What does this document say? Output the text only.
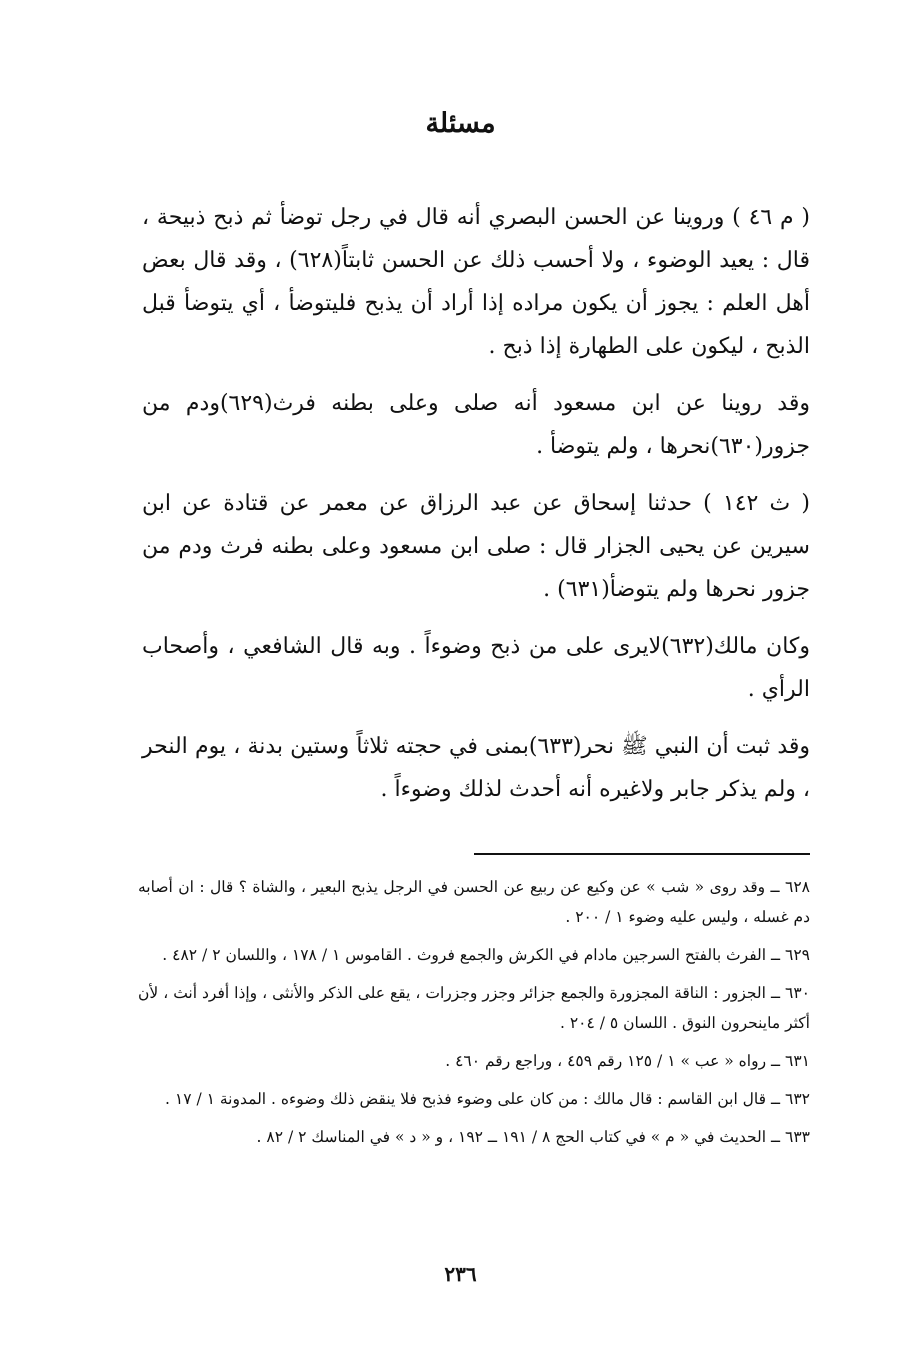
مسئلة

( م ٤٦ ) وروينا عن الحسن البصري أنه قال في رجل توضأ ثم ذبح ذبيحة ، قال : يعيد الوضوء ، ولا أحسب ذلك عن الحسن ثابتاً(٦٢٨) ، وقد قال بعض أهل العلم : يجوز أن يكون مراده إذا أراد أن يذبح فليتوضأ ، أي يتوضأ قبل الذبح ، ليكون على الطهارة إذا ذبح .

وقد روينا عن ابن مسعود أنه صلى وعلى بطنه فرث(٦٢٩)ودم من جزور(٦٣٠)نحرها ، ولم يتوضأ .

( ث ١٤٢ ) حدثنا إسحاق عن عبد الرزاق عن معمر عن قتادة عن ابن سيرين عن يحيى الجزار قال : صلى ابن مسعود وعلى بطنه فرث ودم من جزور نحرها ولم يتوضأ(٦٣١) .

وكان مالك(٦٣٢)لايرى على من ذبح وضوءاً . وبه قال الشافعي ، وأصحاب الرأي .

وقد ثبت أن النبي ﷺ نحر(٦٣٣)بمنى في حجته ثلاثاً وستين بدنة ، يوم النحر ، ولم يذكر جابر ولاغيره أنه أحدث لذلك وضوءاً .

٦٢٨ ــ وقد روى « شب » عن وكيع عن ربيع عن الحسن في الرجل يذبح البعير ، والشاة ؟ قال : ان أصابه دم غسله ، وليس عليه وضوء ١ / ٢٠٠ .

٦٢٩ ــ الفرث بالفتح السرجين مادام في الكرش والجمع فروث . القاموس ١ / ١٧٨ ، واللسان ٢ / ٤٨٢ .

٦٣٠ ــ الجزور : الناقة المجزورة والجمع جزائر وجزر وجزرات ، يقع على الذكر والأنثى ، وإذا أفرد أنث ، لأن أكثر ماينحرون النوق . اللسان ٥ / ٢٠٤ .

٦٣١ ــ رواه « عب » ١ / ١٢٥ رقم ٤٥٩ ، وراجع رقم ٤٦٠ .

٦٣٢ ــ قال ابن القاسم : قال مالك : من كان على وضوء فذبح فلا ينقض ذلك وضوءه . المدونة ١ / ١٧ .

٦٣٣ ــ الحديث في « م » في كتاب الحج ٨ / ١٩١ ــ ١٩٢ ، و « د » في المناسك ٢ / ٨٢ .

٢٣٦
